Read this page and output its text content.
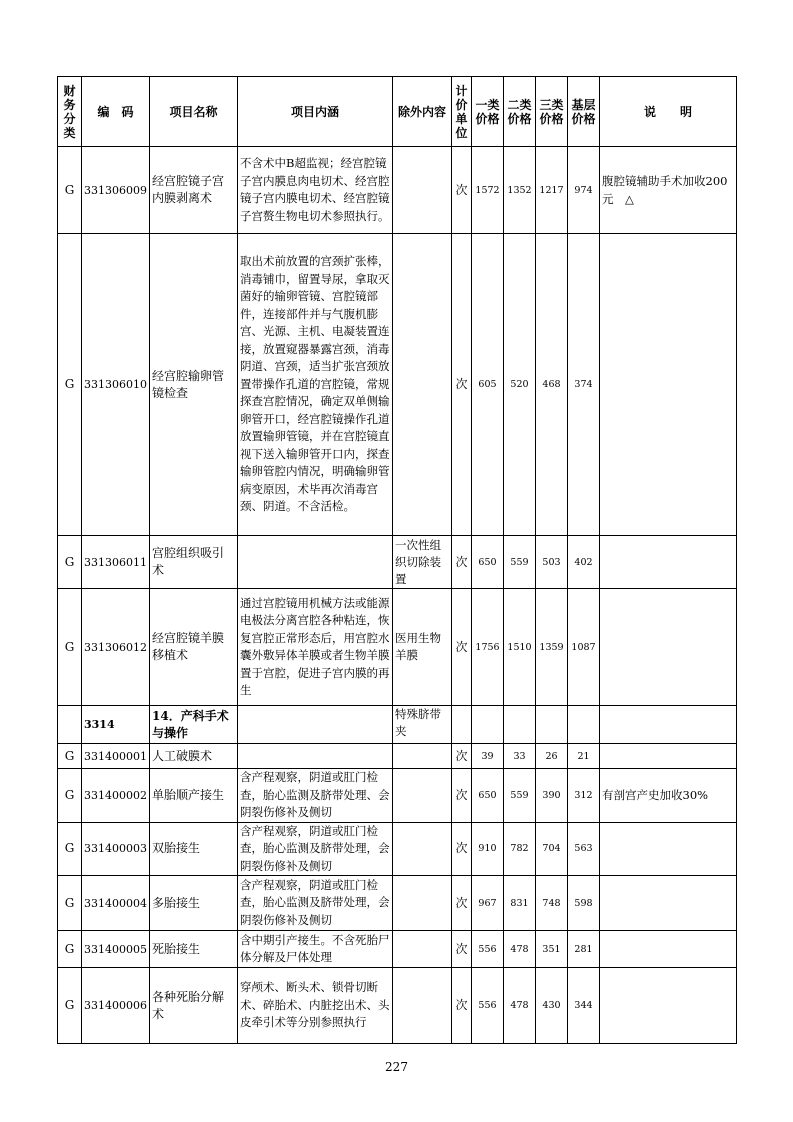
财务分类	编　码	项目名称	项目内涵	除外内容	计价单位	一类价格	二类价格	三类价格	基层价格	说　　明
G	331306009	经宫腔镜子宫内膜剥离术	不含术中B超监视；经宫腔镜子宫内膜息肉电切术、经宫腔镜子宫内膜电切术、经宫腔镜子宫赘生物电切术参照执行。		次	1572	1352	1217	974	腹腔镜辅助手术加收200元　△
G	331306010	经宫腔输卵管镜检查	取出术前放置的宫颈扩张棒，消毒铺巾，留置导尿，拿取灭菌好的输卵管镜、宫腔镜部件，连接部件并与气腹机膨宫、光源、主机、电凝装置连接，放置窥器暴露宫颈，消毒阴道、宫颈，适当扩张宫颈放置带操作孔道的宫腔镜，常规探查宫腔情况，确定双单侧输卵管开口，经宫腔镜操作孔道放置输卵管镜，并在宫腔镜直视下送入输卵管开口内，探查输卵管腔内情况，明确输卵管病变原因，术毕再次消毒宫颈、阴道。不含活检。		次	605	520	468	374	
G	331306011	宫腔组织吸引术		一次性组织切除装置	次	650	559	503	402	
G	331306012	经宫腔镜羊膜移植术	通过宫腔镜用机械方法或能源电极法分离宫腔各种粘连，恢复宫腔正常形态后，用宫腔水囊外敷异体羊膜或者生物羊膜置于宫腔，促进子宫内膜的再生	医用生物羊膜	次	1756	1510	1359	1087	
	3314	14．产科手术与操作		特殊脐带夹						
G	331400001	人工破膜术			次	39	33	26	21	
G	331400002	单胎顺产接生	含产程观察，阴道或肛门检查，胎心监测及脐带处理、会阴裂伤修补及侧切		次	650	559	390	312	有剖宫产史加收30%
G	331400003	双胎接生	含产程观察，阴道或肛门检查，胎心监测及脐带处理，会阴裂伤修补及侧切		次	910	782	704	563	
G	331400004	多胎接生	含产程观察，阴道或肛门检查，胎心监测及脐带处理，会阴裂伤修补及侧切		次	967	831	748	598	
G	331400005	死胎接生	含中期引产接生。不含死胎尸体分解及尸体处理		次	556	478	351	281	
G	331400006	各种死胎分解术	穿颅术、断头术、锁骨切断术、碎胎术、内脏挖出术、头皮牵引术等分别参照执行		次	556	478	430	344	
227
